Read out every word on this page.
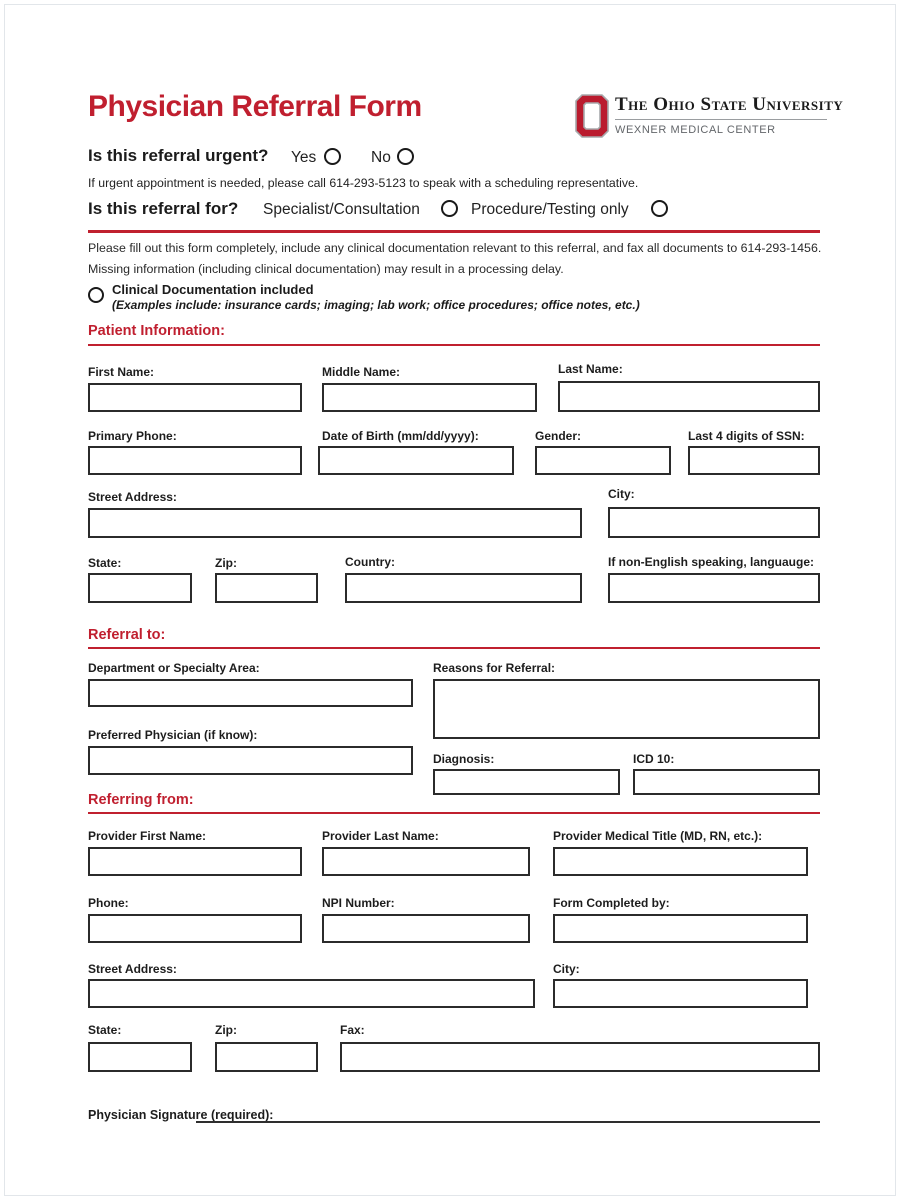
Physician Referral Form	The Ohio State University
WEXNER MEDICAL CENTER
Is this referral urgent? Yes	No
If urgent appointment is needed, please call 614-293-5123 to speak with a scheduling representative.
Is this referral for? Specialist/Consultation	Procedure/Testing only
Please fill out this form completely, include any clinical documentation relevant to this referral, and fax all documents to 614-293-1456.
Missing information (including clinical documentation) may result in a processing delay.
Clinical Documentation included
(Examples include: insurance cards; imaging; lab work; office procedures; office notes, etc.)
Patient Information:
First Name:	Middle Name:	Last Name:
Primary Phone:	Date of Birth (mm/dd/yyyy):	Gender:	Last 4 digits of SSN:
Street Address:	City:
State:	Zip:	Country:	If non-English speaking, languauge:
Referral to:
Department or Specialty Area:	Reasons for Referral:
Preferred Physician (if know):
Diagnosis:	ICD 10:
Referring from:
Provider First Name:	Provider Last Name:	Provider Medical Title (MD, RN, etc.):
Phone:	NPI Number:	Form Completed by:
Street Address:	City:
State:	Zip:	Fax:
Physician Signature (required):
